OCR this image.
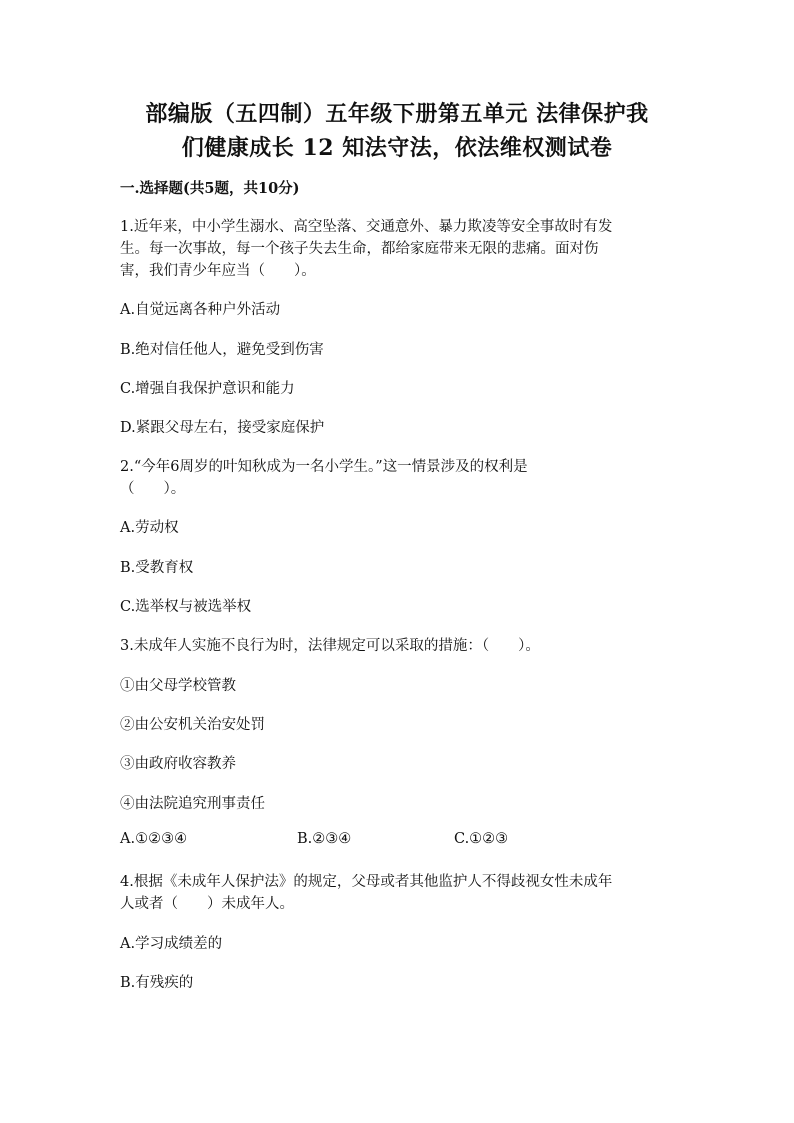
部编版（五四制）五年级下册第五单元 法律保护我
们健康成长 12 知法守法，依法维权测试卷
一.选择题(共5题，共10分)
1.近年来，中小学生溺水、高空坠落、交通意外、暴力欺凌等安全事故时有发
生。每一次事故，每一个孩子失去生命，都给家庭带来无限的悲痛。面对伤
害，我们青少年应当（　　）。
A.自觉远离各种户外活动
B.绝对信任他人，避免受到伤害
C.增强自我保护意识和能力
D.紧跟父母左右，接受家庭保护
2.“今年6周岁的叶知秋成为一名小学生。”这一情景涉及的权利是
（　　）。
A.劳动权
B.受教育权
C.选举权与被选举权
3.未成年人实施不良行为时，法律规定可以采取的措施：（　　）。
①由父母学校管教
②由公安机关治安处罚
③由政府收容教养
④由法院追究刑事责任
A.①②③④	B.②③④	C.①②③
4.根据《未成年人保护法》的规定，父母或者其他监护人不得歧视女性未成年
人或者（　　）未成年人。
A.学习成绩差的
B.有残疾的
